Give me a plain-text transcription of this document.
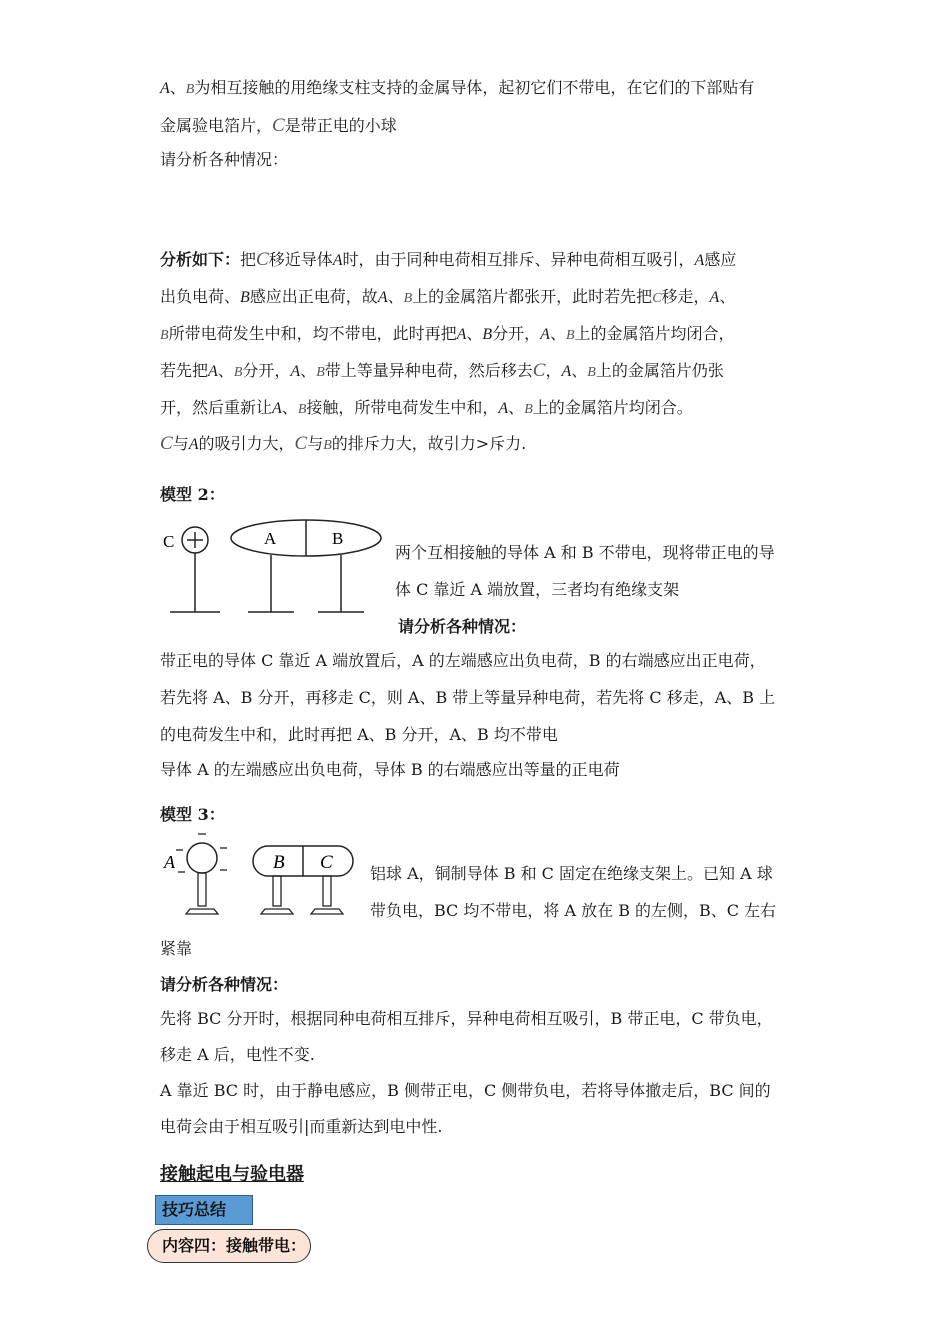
A、B为相互接触的用绝缘支柱支持的金属导体，起初它们不带电，在它们的下部贴有
金属验电箔片，C是带正电的小球
请分析各种情况：
分析如下：把C移近导体A时，由于同种电荷相互排斥、异种电荷相互吸引，A感应
出负电荷、B感应出正电荷，故A、B上的金属箔片都张开，此时若先把C移走，A、
B所带电荷发生中和，均不带电，此时再把A、B分开，A、B上的金属箔片均闭合，
若先把A、B分开，A、B带上等量异种电荷，然后移去C，A、B上的金属箔片仍张
开，然后重新让A、B接触，所带电荷发生中和，A、B上的金属箔片均闭合。
C与A的吸引力大，C与B的排斥力大，故引力>斥力.
模型 2：
C	A	B
两个互相接触的导体 A 和 B 不带电，现将带正电的导
体 C 靠近 A 端放置，三者均有绝缘支架
请分析各种情况：
带正电的导体 C 靠近 A 端放置后，A 的左端感应出负电荷，B 的右端感应出正电荷，
若先将 A、B 分开，再移走 C，则 A、B 带上等量异种电荷，若先将 C 移走，A、B 上
的电荷发生中和，此时再把 A、B 分开，A、B 均不带电
导体 A 的左端感应出负电荷，导体 B 的右端感应出等量的正电荷
模型 3：
A	B C
铝球 A，铜制导体 B 和 C 固定在绝缘支架上。已知 A 球
带负电，BC 均不带电，将 A 放在 B 的左侧，B、C 左右
紧靠
请分析各种情况：
先将 BC 分开时，根据同种电荷相互排斥，异种电荷相互吸引，B 带正电，C 带负电，
移走 A 后，电性不变.
A 靠近 BC 时，由于静电感应，B 侧带正电，C 侧带负电，若将导体撤走后，BC 间的
电荷会由于相互吸引|而重新达到电中性.
接触起电与验电器
技巧总结
内容四：接触带电：
